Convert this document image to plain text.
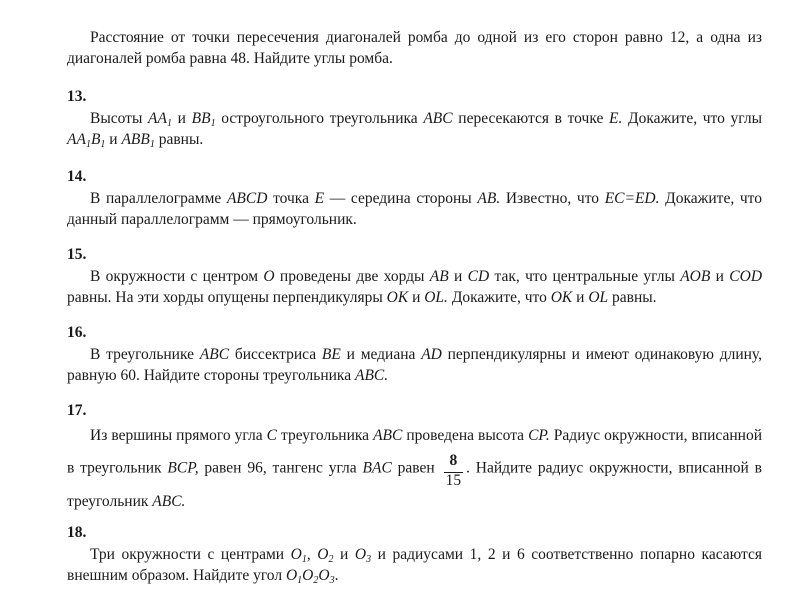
Расстояние от точки пересечения диагоналей ромба до одной из его сторон равно 12, а одна из диагоналей ромба равна 48. Найдите углы ромба.
13.
Высоты $AA_1$ и $BB_1$ остроугольного треугольника ABC пересекаются в точке E. Докажите, что углы $AA_1B_1$ и $ABB_1$ равны.
14.
В параллелограмме ABCD точка E — середина стороны AB. Известно, что EC=ED. Докажите, что данный параллелограмм — прямоугольник.
15.
В окружности с центром O проведены две хорды AB и CD так, что центральные углы AOB и COD равны. На эти хорды опущены перпендикуляры OK и OL. Докажите, что OK и OL равны.
16.
В треугольнике ABC биссектриса BE и медиана AD перпендикулярны и имеют одинаковую длину, равную 60. Найдите стороны треугольника ABC.
17.
Из вершины прямого угла C треугольника ABC проведена высота CP. Радиус окружности, вписанной в треугольник BCP, равен 96, тангенс угла BAC равен $\frac{8}{15}$ . Найдите радиус окружности, вписанной в треугольник ABC.
18.
Три окружности с центрами $O_1$, $O_2$ и $O_3$ и радиусами 1, 2 и 6 соответственно попарно касаются внешним образом. Найдите угол $O_1O_2O_3$.
